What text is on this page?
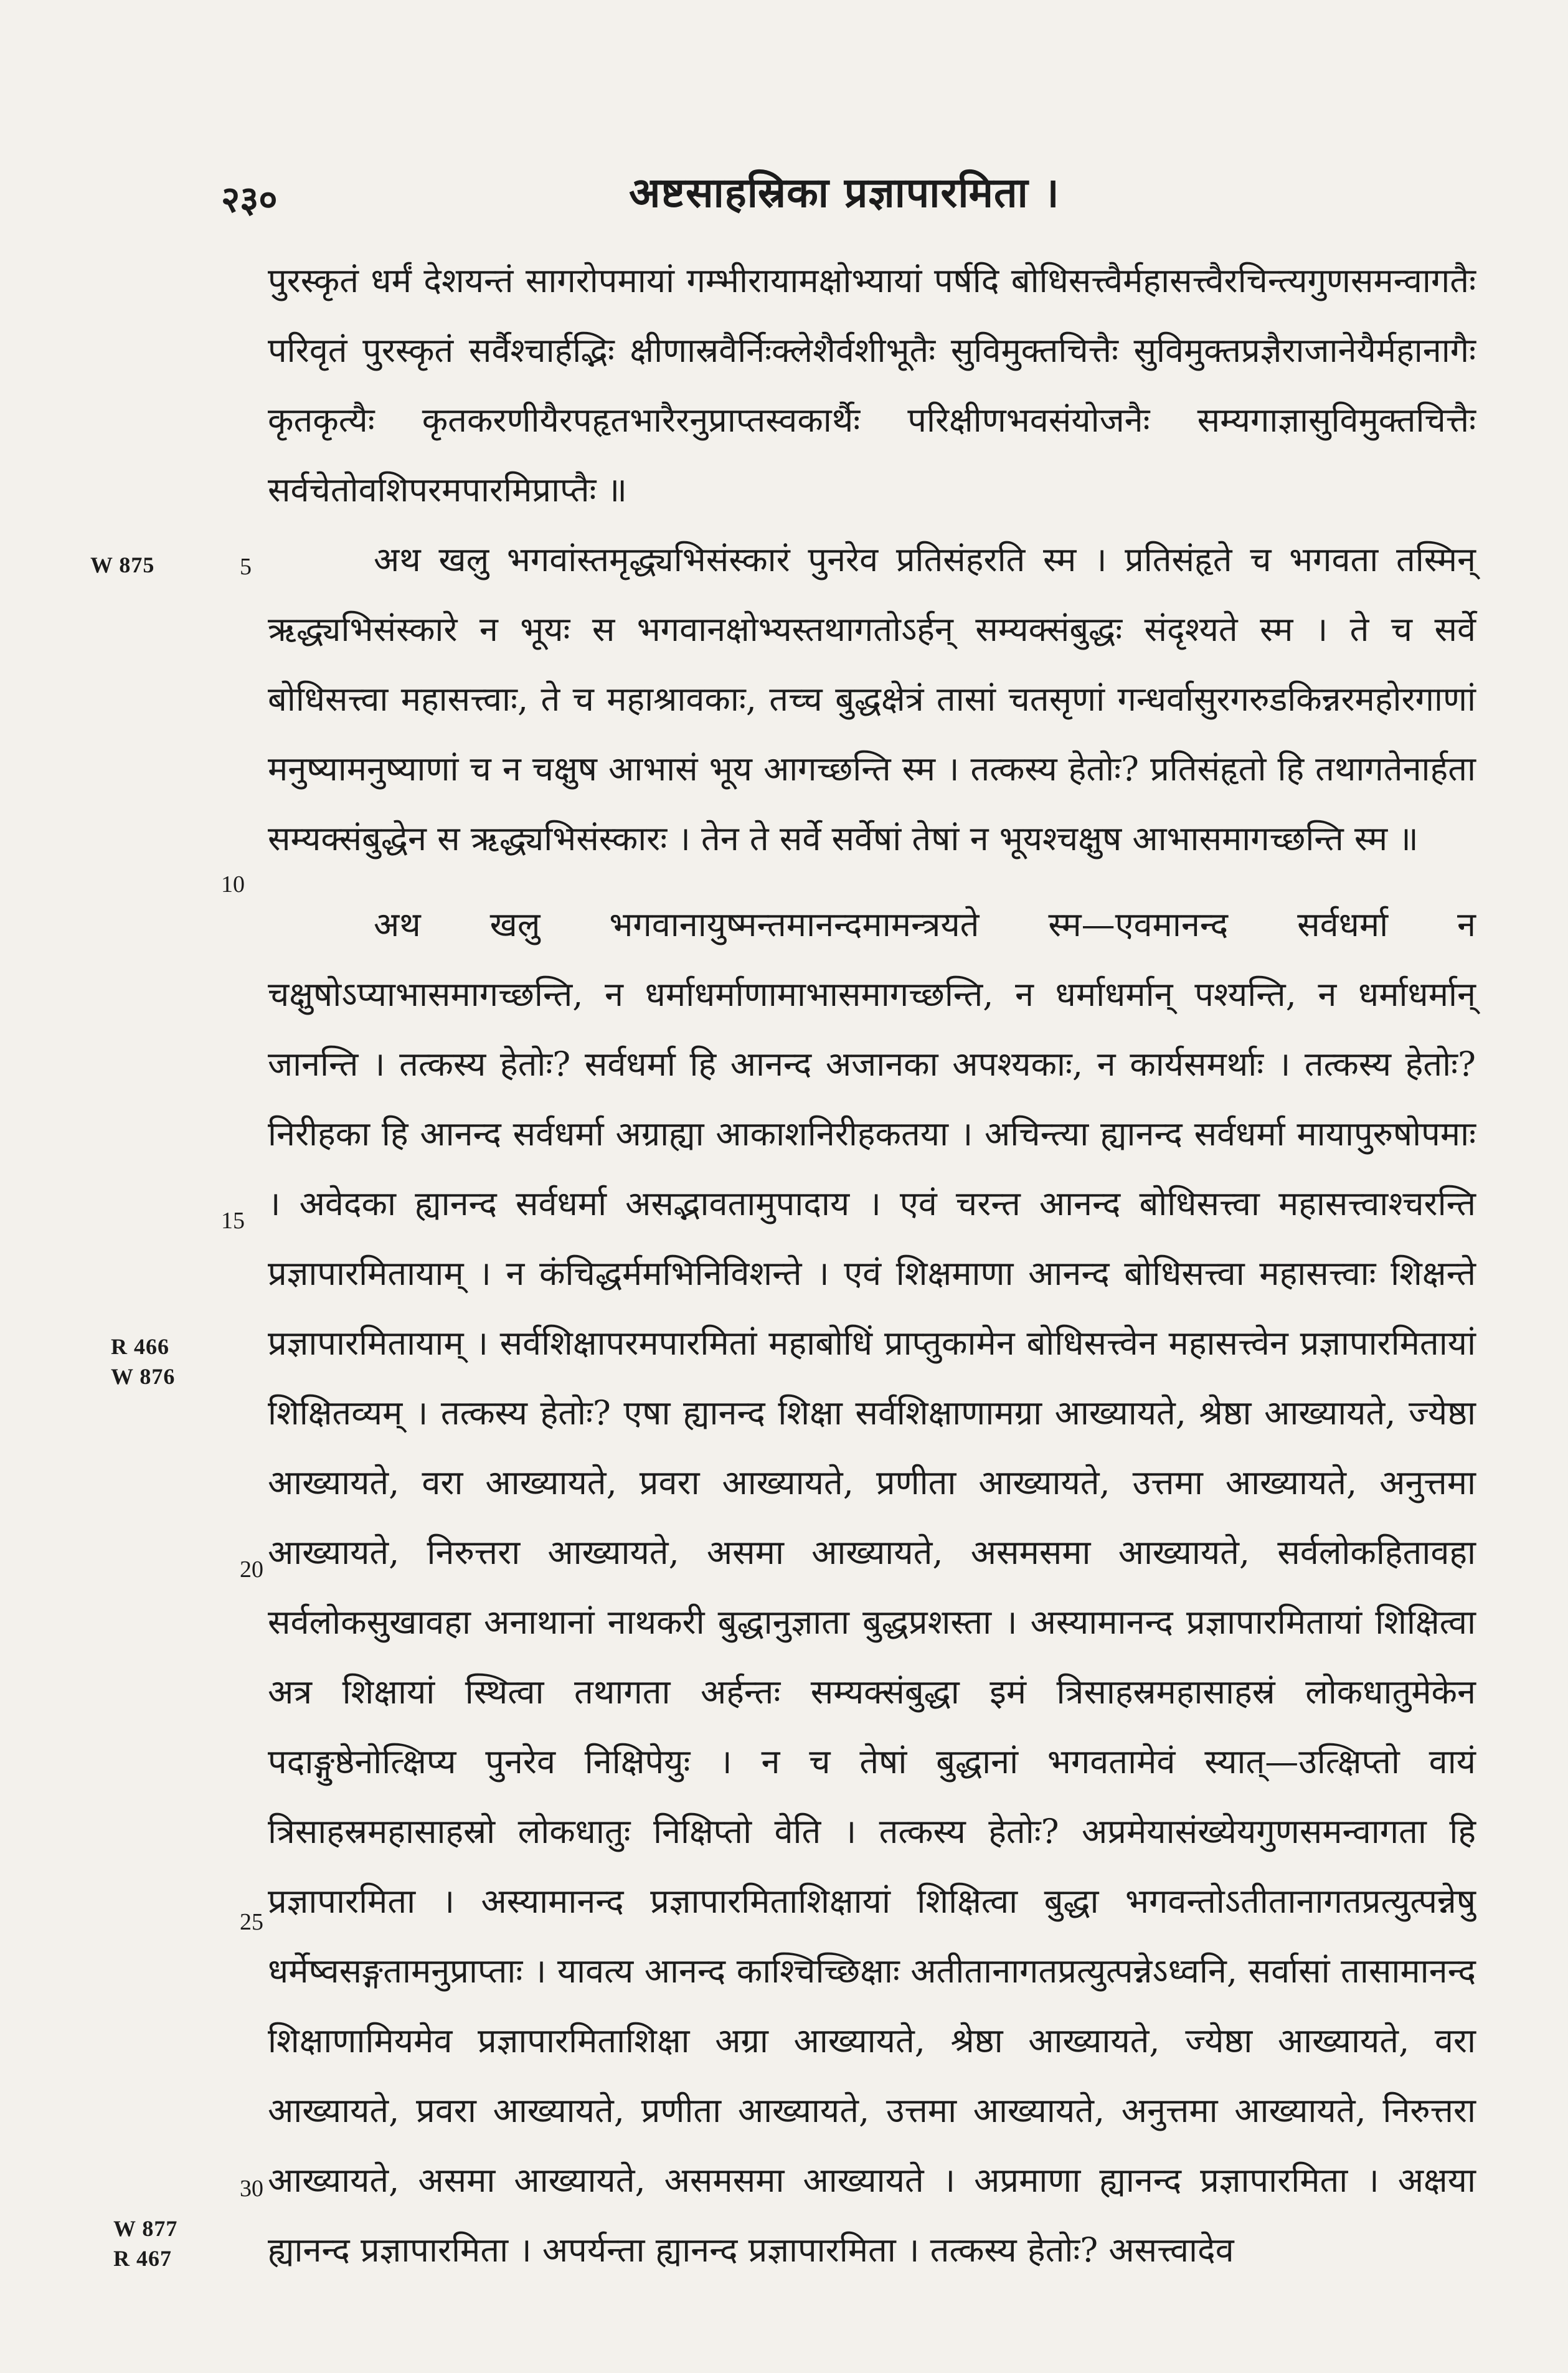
२३०	अष्टसाहस्रिका प्रज्ञापारमिता ।

पुरस्कृतं धर्मं देशयन्तं सागरोपमायां गम्भीरायामक्षोभ्यायां पर्षदि बोधिसत्त्वैर्महासत्त्वैरचिन्त्यगुणसमन्वागतैः परिवृतं पुरस्कृतं सर्वैश्चार्हद्भिः क्षीणास्रवैर्निःक्लेशैर्वशीभूतैः सुविमुक्तचित्तैः सुविमुक्तप्रज्ञैराजानेयैर्महानागैः कृतकृत्यैः कृतकरणीयैरपहृतभारैरनुप्राप्तस्वकार्थैः परिक्षीणभवसंयोजनैः सम्यगाज्ञासुविमुक्तचित्तैः सर्वचेतोवशिपरमपारमिप्राप्तैः ॥

अथ खलु भगवांस्तमृद्ध्यभिसंस्कारं पुनरेव प्रतिसंहरति स्म । प्रतिसंहृते च भगवता तस्मिन् ऋद्ध्यभिसंस्कारे न भूयः स भगवानक्षोभ्यस्तथागतोऽर्हन् सम्यक्संबुद्धः संदृश्यते स्म । ते च सर्वे बोधिसत्त्वा महासत्त्वाः, ते च महाश्रावकाः, तच्च बुद्धक्षेत्रं तासां चतसृणां गन्धर्वासुरगरुडकिन्नरमहोरगाणां मनुष्यामनुष्याणां च न चक्षुष आभासं भूय आगच्छन्ति स्म । तत्कस्य हेतोः? प्रतिसंहृतो हि तथागतेनार्हता सम्यक्संबुद्धेन स ऋद्ध्यभिसंस्कारः । तेन ते सर्वे सर्वेषां तेषां न भूयश्चक्षुष आभासमागच्छन्ति स्म ॥

अथ खलु भगवानायुष्मन्तमानन्दमामन्त्रयते स्म—एवमानन्द सर्वधर्मा न चक्षुषोऽप्याभासमागच्छन्ति, न धर्माधर्माणामाभासमागच्छन्ति, न धर्माधर्मान् पश्यन्ति, न धर्माधर्मान् जानन्ति । तत्कस्य हेतोः? सर्वधर्मा हि आनन्द अजानका अपश्यकाः, न कार्यसमर्थाः । तत्कस्य हेतोः? निरीहका हि आनन्द सर्वधर्मा अग्राह्या आकाशनिरीहकतया । अचिन्त्या ह्यानन्द सर्वधर्मा मायापुरुषोपमाः । अवेदका ह्यानन्द सर्वधर्मा असद्भावतामुपादाय । एवं चरन्त आनन्द बोधिसत्त्वा महासत्त्वाश्चरन्ति प्रज्ञापारमितायाम् । न कंचिद्धर्ममभिनिविशन्ते । एवं शिक्षमाणा आनन्द बोधिसत्त्वा महासत्त्वाः शिक्षन्ते प्रज्ञापारमितायाम् । सर्वशिक्षापरमपारमितां महाबोधिं प्राप्तुकामेन बोधिसत्त्वेन महासत्त्वेन प्रज्ञापारमितायां शिक्षितव्यम् । तत्कस्य हेतोः? एषा ह्यानन्द शिक्षा सर्वशिक्षाणामग्रा आख्यायते, श्रेष्ठा आख्यायते, ज्येष्ठा आख्यायते, वरा आख्यायते, प्रवरा आख्यायते, प्रणीता आख्यायते, उत्तमा आख्यायते, अनुत्तमा आख्यायते, निरुत्तरा आख्यायते, असमा आख्यायते, असमसमा आख्यायते, सर्वलोकहितावहा सर्वलोकसुखावहा अनाथानां नाथकरी बुद्धानुज्ञाता बुद्धप्रशस्ता । अस्यामानन्द प्रज्ञापारमितायां शिक्षित्वा अत्र शिक्षायां स्थित्वा तथागता अर्हन्तः सम्यक्संबुद्धा इमं त्रिसाहस्रमहासाहस्रं लोकधातुमेकेन पदाङ्गुष्ठेनोत्क्षिप्य पुनरेव निक्षिपेयुः । न च तेषां बुद्धानां भगवतामेवं स्यात्—उत्क्षिप्तो वायं त्रिसाहस्रमहासाहस्रो लोकधातुः निक्षिप्तो वेति । तत्कस्य हेतोः? अप्रमेयासंख्येयगुणसमन्वागता हि प्रज्ञापारमिता । अस्यामानन्द प्रज्ञापारमिताशिक्षायां शिक्षित्वा बुद्धा भगवन्तोऽतीतानागतप्रत्युत्पन्नेषु धर्मेष्वसङ्गतामनुप्राप्ताः । यावत्य आनन्द काश्चिच्छिक्षाः अतीतानागतप्रत्युत्पन्नेऽध्वनि, सर्वासां तासामानन्द शिक्षाणामियमेव प्रज्ञापारमिताशिक्षा अग्रा आख्यायते, श्रेष्ठा आख्यायते, ज्येष्ठा आख्यायते, वरा आख्यायते, प्रवरा आख्यायते, प्रणीता आख्यायते, उत्तमा आख्यायते, अनुत्तमा आख्यायते, निरुत्तरा आख्यायते, असमा आख्यायते, असमसमा आख्यायते । अप्रमाणा ह्यानन्द प्रज्ञापारमिता । अक्षया ह्यानन्द प्रज्ञापारमिता । अपर्यन्ता ह्यानन्द प्रज्ञापारमिता । तत्कस्य हेतोः? असत्त्वादेव

W 875
R 466
W 876
W 877
R 467
5
10
15
20
25
30
